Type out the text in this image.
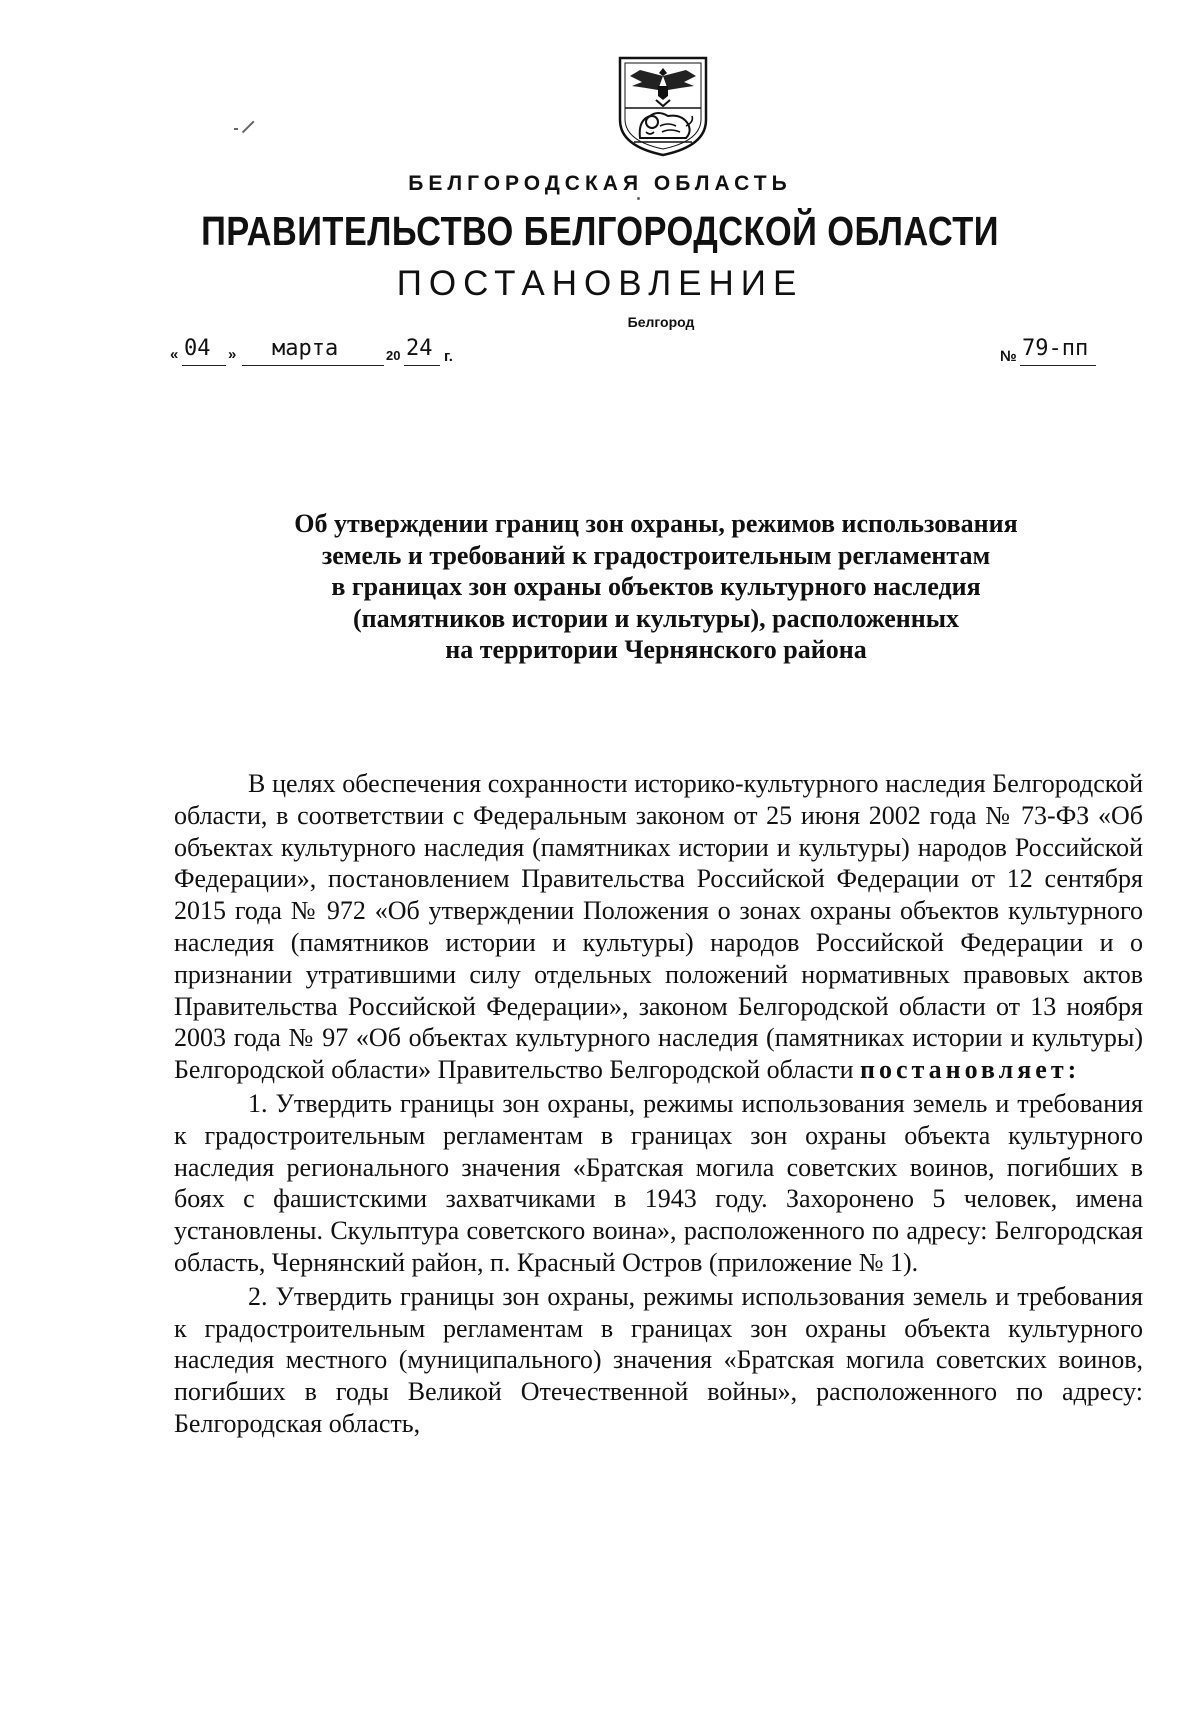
БЕЛГОРОДСКАЯ ОБЛАСТЬ
ПРАВИТЕЛЬСТВО БЕЛГОРОДСКОЙ ОБЛАСТИ
ПОСТАНОВЛЕНИЕ
Белгород
« 04 » марта	20 24 г.	№ 79-пп
Об утверждении границ зон охраны, режимов использования
земель и требований к градостроительным регламентам
в границах зон охраны объектов культурного наследия
(памятников истории и культуры), расположенных
на территории Чернянского района

В целях обеспечения сохранности историко-культурного наследия Белгородской области, в соответствии с Федеральным законом от 25 июня 2002 года № 73-ФЗ «Об объектах культурного наследия (памятниках истории и культуры) народов Российской Федерации», постановлением Правительства Российской Федерации от 12 сентября 2015 года № 972 «Об утверждении Положения о зонах охраны объектов культурного наследия (памятников истории и культуры) народов Российской Федерации и о признании утратившими силу отдельных положений нормативных правовых актов Правительства Российской Федерации», законом Белгородской области от 13 ноября 2003 года № 97 «Об объектах культурного наследия (памятниках истории и культуры) Белгородской области» Правительство Белгородской области постановляет:

1. Утвердить границы зон охраны, режимы использования земель и требования к градостроительным регламентам в границах зон охраны объекта культурного наследия регионального значения «Братская могила советских воинов, погибших в боях с фашистскими захватчиками в 1943 году. Захоронено 5 человек, имена установлены. Скульптура советского воина», расположенного по адресу: Белгородская область, Чернянский район, п. Красный Остров (приложение № 1).

2. Утвердить границы зон охраны, режимы использования земель и требования к градостроительным регламентам в границах зон охраны объекта культурного наследия местного (муниципального) значения «Братская могила советских воинов, погибших в годы Великой Отечественной войны», расположенного по адресу: Белгородская область,
